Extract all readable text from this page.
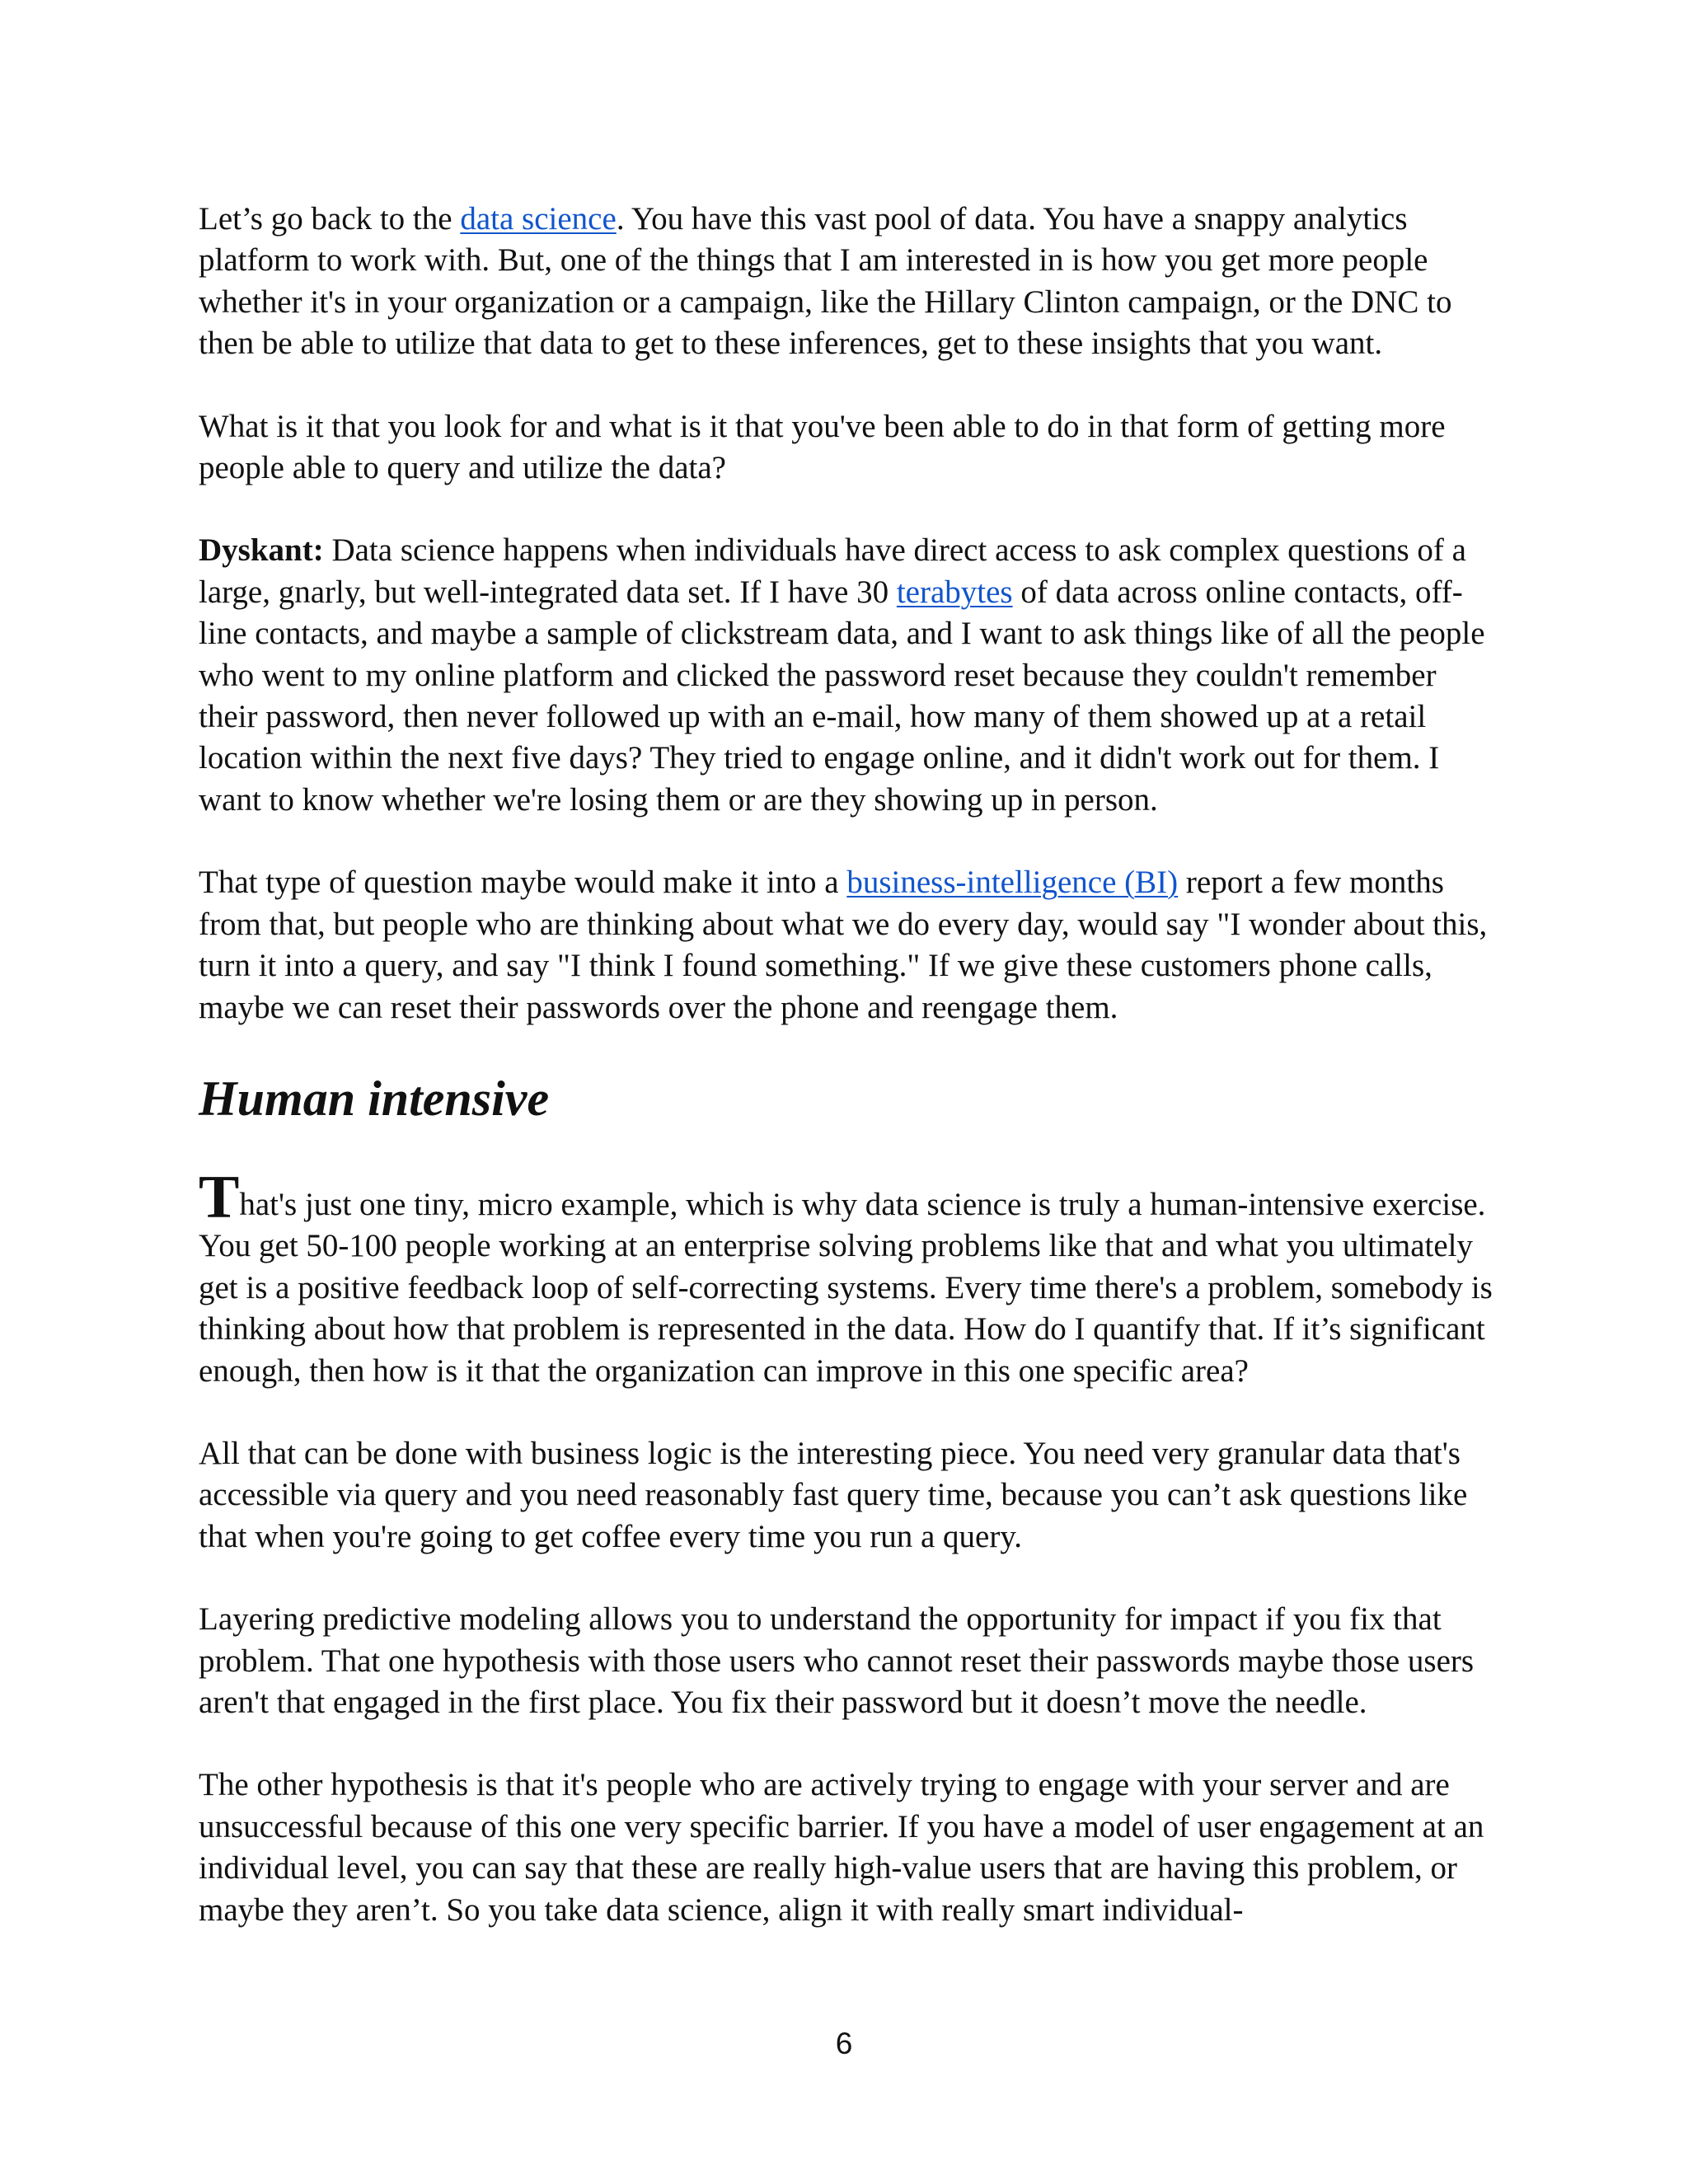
Let’s go back to the data science. You have this vast pool of data. You have a snappy analytics platform to work with. But, one of the things that I am interested in is how you get more people whether it's in your organization or a campaign, like the Hillary Clinton campaign, or the DNC to then be able to utilize that data to get to these inferences, get to these insights that you want.

What is it that you look for and what is it that you've been able to do in that form of getting more people able to query and utilize the data?

Dyskant: Data science happens when individuals have direct access to ask complex questions of a large, gnarly, but well-integrated data set. If I have 30 terabytes of data across online contacts, off-line contacts, and maybe a sample of clickstream data, and I want to ask things like of all the people who went to my online platform and clicked the password reset because they couldn't remember their password, then never followed up with an e-mail, how many of them showed up at a retail location within the next five days? They tried to engage online, and it didn't work out for them. I want to know whether we're losing them or are they showing up in person.

That type of question maybe would make it into a business-intelligence (BI) report a few months from that, but people who are thinking about what we do every day, would say "I wonder about this, turn it into a query, and say "I think I found something." If we give these customers phone calls, maybe we can reset their passwords over the phone and reengage them.

Human intensive

That's just one tiny, micro example, which is why data science is truly a human-intensive exercise. You get 50-100 people working at an enterprise solving problems like that and what you ultimately get is a positive feedback loop of self-correcting systems. Every time there's a problem, somebody is thinking about how that problem is represented in the data. How do I quantify that. If it’s significant enough, then how is it that the organization can improve in this one specific area?

All that can be done with business logic is the interesting piece. You need very granular data that's accessible via query and you need reasonably fast query time, because you can’t ask questions like that when you're going to get coffee every time you run a query.

Layering predictive modeling allows you to understand the opportunity for impact if you fix that problem. That one hypothesis with those users who cannot reset their passwords maybe those users aren't that engaged in the first place. You fix their password but it doesn’t move the needle.

The other hypothesis is that it's people who are actively trying to engage with your server and are unsuccessful because of this one very specific barrier. If you have a model of user engagement at an individual level, you can say that these are really high-value users that are having this problem, or maybe they aren’t. So you take data science, align it with really smart individual-

6
